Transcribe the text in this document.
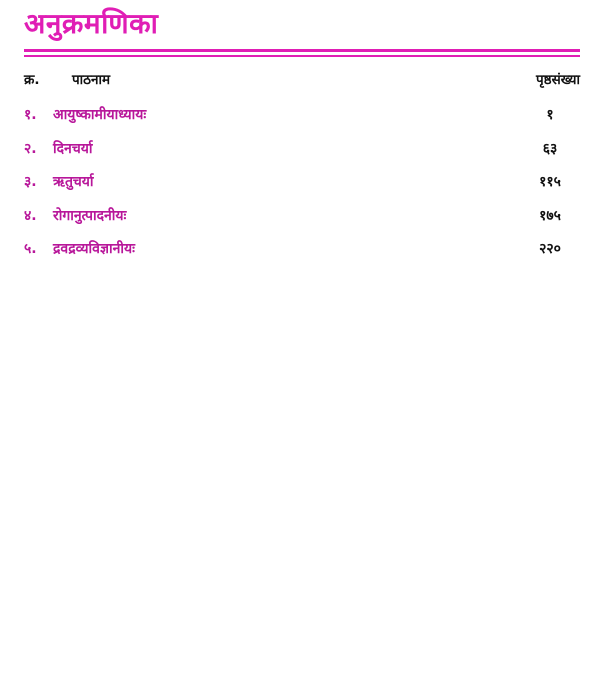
अनुक्रमणिका
क्र. पाठनाम	पृष्ठसंख्या
१. आयुष्कामीयाध्यायः	१
२. दिनचर्या	६३
३. ऋतुचर्या	११५
४. रोगानुत्पादनीयः	१७५
५. द्रवद्रव्यविज्ञानीयः	२२०
